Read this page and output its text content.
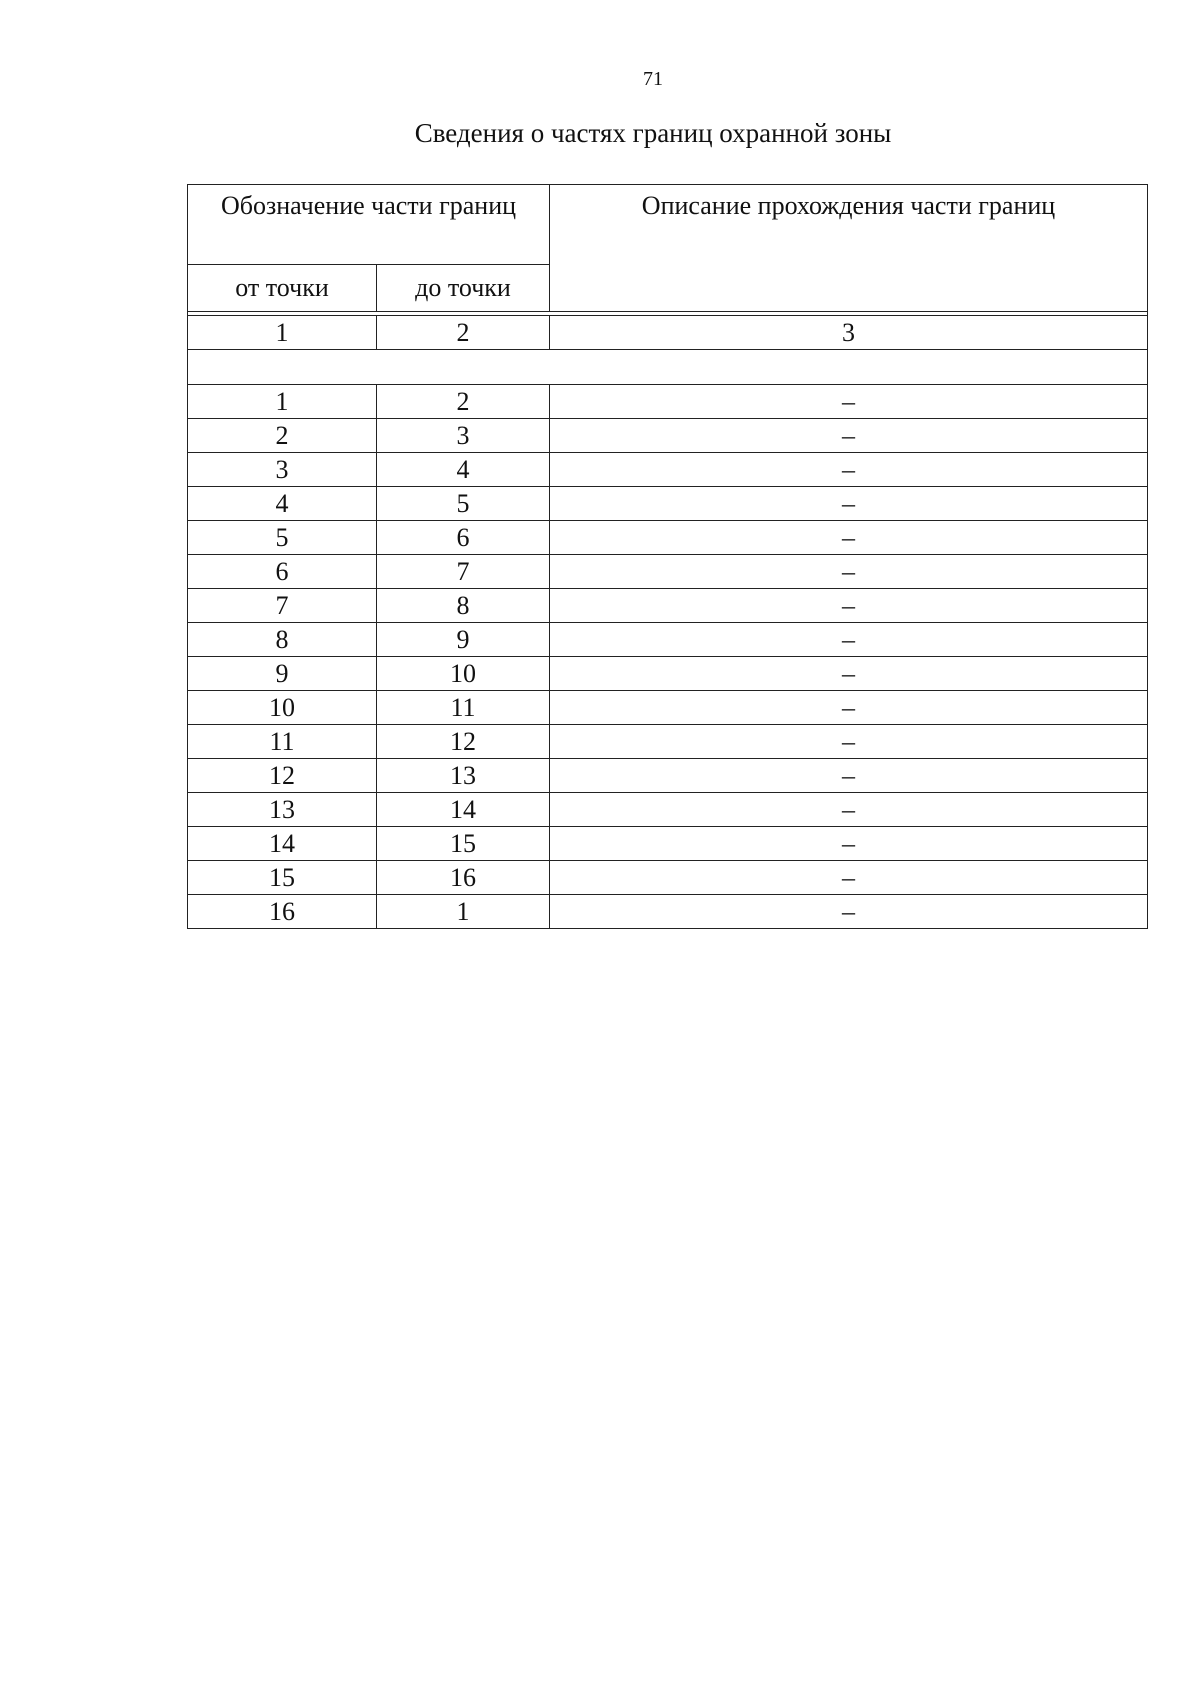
71
Сведения о частях границ охранной зоны
Обозначение части границ		Описание прохождения части границ
от точки	до точки	

1	2	3

1	2	–
2	3	–
3	4	–
4	5	–
5	6	–
6	7	–
7	8	–
8	9	–
9	10	–
10	11	–
11	12	–
12	13	–
13	14	–
14	15	–
15	16	–
16	1	–
